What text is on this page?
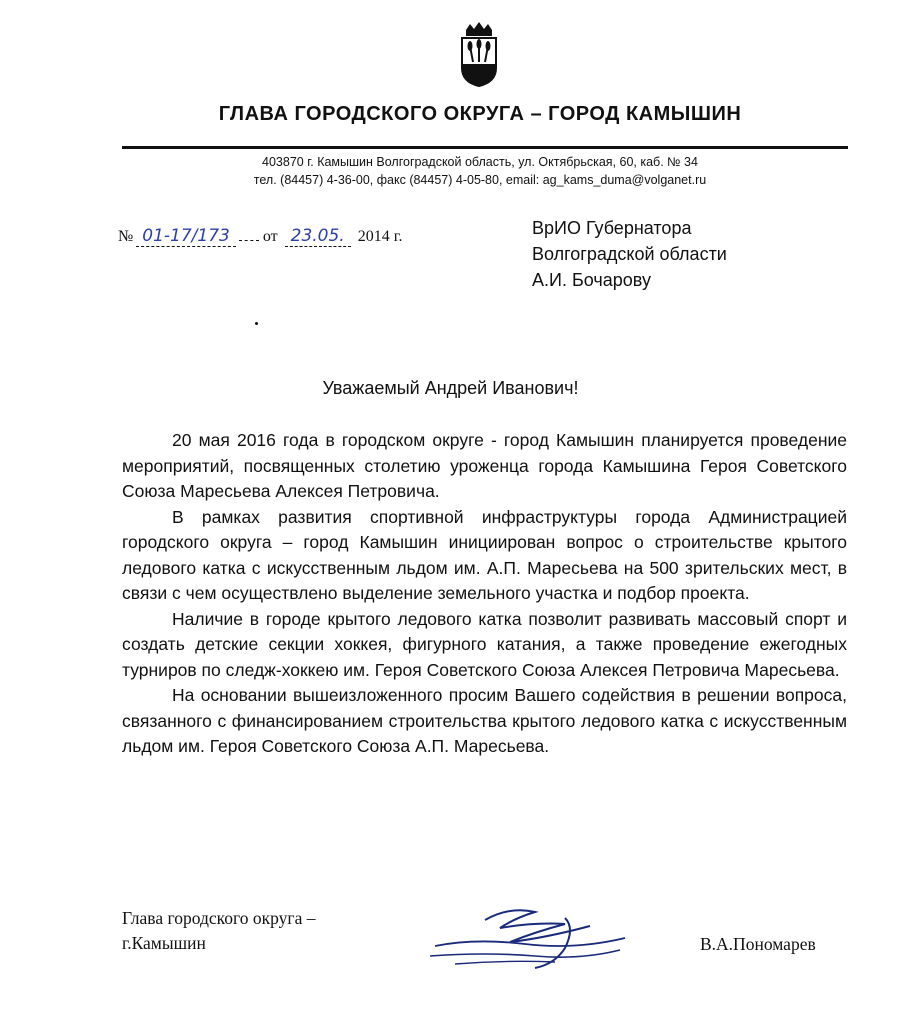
ГЛАВА ГОРОДСКОГО ОКРУГА – ГОРОД КАМЫШИН
403870 г. Камышин Волгоградской область, ул. Октябрьская, 60, каб. № 34
тел. (84457) 4-36-00, факс (84457) 4-05-80, email: ag_kams_duma@volganet.ru
№ 01-17/173 от 23.05. 2014 г.	ВрИО Губернатора
Волгоградской области
А.И. Бочарову
Уважаемый Андрей Иванович!

20 мая 2016 года в городском округе - город Камышин планируется проведение мероприятий, посвященных столетию уроженца города Камышина Героя Советского Союза Маресьева Алексея Петровича.

В рамках развития спортивной инфраструктуры города Администрацией городского округа – город Камышин инициирован вопрос о строительстве крытого ледового катка с искусственным льдом им. А.П. Маресьева на 500 зрительских мест, в связи с чем осуществлено выделение земельного участка и подбор проекта.

Наличие в городе крытого ледового катка позволит развивать массовый спорт и создать детские секции хоккея, фигурного катания, а также проведение ежегодных турниров по следж-хоккею им. Героя Советского Союза Алексея Петровича Маресьева.

На основании вышеизложенного просим Вашего содействия в решении вопроса, связанного с финансированием строительства крытого ледового катка с искусственным льдом им. Героя Советского Союза А.П. Маресьева.

Глава городского округа –
г.Камышин	В.А.Пономарев
